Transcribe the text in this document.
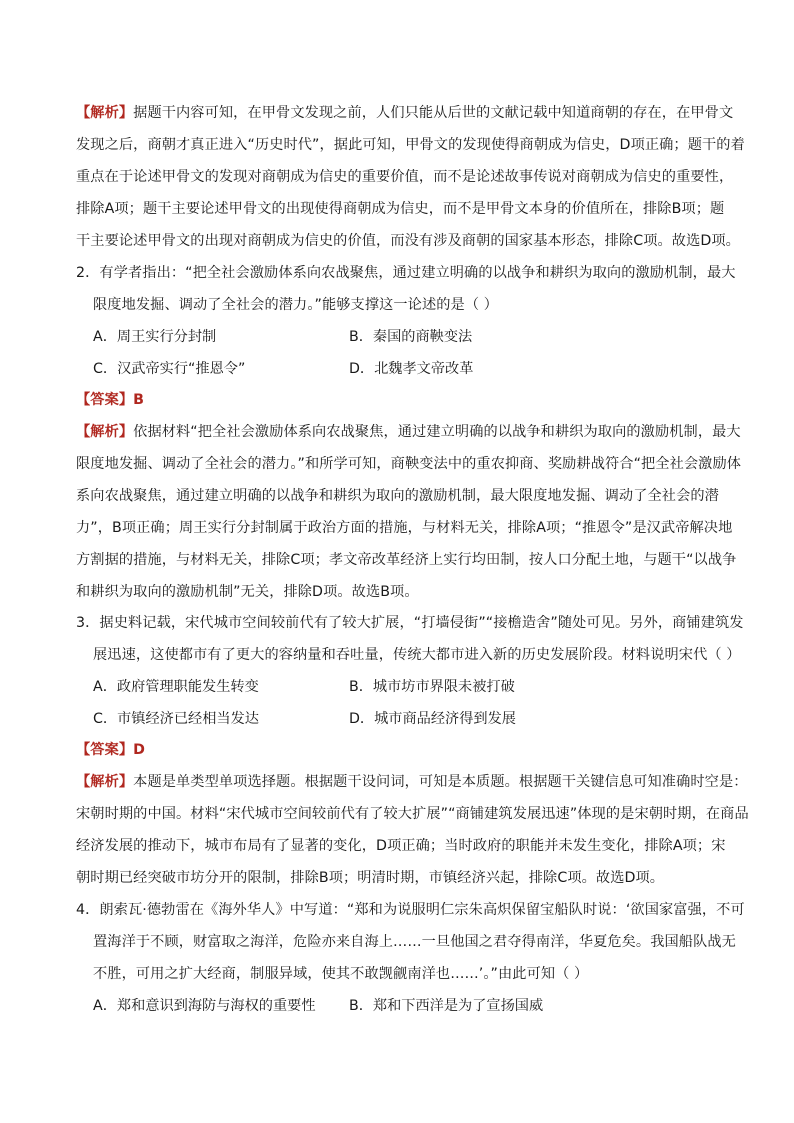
【解析】据题干内容可知，在甲骨文发现之前，人们只能从后世的文献记载中知道商朝的存在，在甲骨文
发现之后，商朝才真正进入“历史时代”，据此可知，甲骨文的发现使得商朝成为信史，D项正确；题干的着
重点在于论述甲骨文的发现对商朝成为信史的重要价值，而不是论述故事传说对商朝成为信史的重要性，
排除A项；题干主要论述甲骨文的出现使得商朝成为信史，而不是甲骨文本身的价值所在，排除B项；题
干主要论述甲骨文的出现对商朝成为信史的价值，而没有涉及商朝的国家基本形态，排除C项。故选D项。
2．有学者指出：“把全社会激励体系向农战聚焦，通过建立明确的以战争和耕织为取向的激励机制，最大
限度地发掘、调动了全社会的潜力。”能够支撑这一论述的是（ ）
A．周王实行分封制	B．秦国的商鞅变法
C．汉武帝实行“推恩令”	D．北魏孝文帝改革
【答案】B
【解析】依据材料“把全社会激励体系向农战聚焦，通过建立明确的以战争和耕织为取向的激励机制，最大
限度地发掘、调动了全社会的潜力。”和所学可知，商鞅变法中的重农抑商、奖励耕战符合“把全社会激励体
系向农战聚焦，通过建立明确的以战争和耕织为取向的激励机制，最大限度地发掘、调动了全社会的潜
力”，B项正确；周王实行分封制属于政治方面的措施，与材料无关，排除A项；“推恩令”是汉武帝解决地
方割据的措施，与材料无关，排除C项；孝文帝改革经济上实行均田制，按人口分配土地，与题干“以战争
和耕织为取向的激励机制”无关，排除D项。故选B项。
3．据史料记载，宋代城市空间较前代有了较大扩展，“打墙侵街”“接檐造舍”随处可见。另外，商铺建筑发
展迅速，这使都市有了更大的容纳量和吞吐量，传统大都市进入新的历史发展阶段。材料说明宋代（ ）
A．政府管理职能发生转变	B．城市坊市界限未被打破
C．市镇经济已经相当发达	D．城市商品经济得到发展
【答案】D
【解析】本题是单类型单项选择题。根据题干设问词，可知是本质题。根据题干关键信息可知准确时空是：
宋朝时期的中国。材料“宋代城市空间较前代有了较大扩展”“商铺建筑发展迅速”体现的是宋朝时期，在商品
经济发展的推动下，城市布局有了显著的变化，D项正确；当时政府的职能并未发生变化，排除A项；宋
朝时期已经突破市坊分开的限制，排除B项；明清时期，市镇经济兴起，排除C项。故选D项。
4．朗索瓦·德勃雷在《海外华人》中写道：“郑和为说服明仁宗朱高炽保留宝船队时说：‘欲国家富强，不可
置海洋于不顾，财富取之海洋，危险亦来自海上……一旦他国之君夺得南洋，华夏危矣。我国船队战无
不胜，可用之扩大经商，制服异域，使其不敢觊觎南洋也……’。”由此可知（ ）
A．郑和意识到海防与海权的重要性 B．郑和下西洋是为了宣扬国威
